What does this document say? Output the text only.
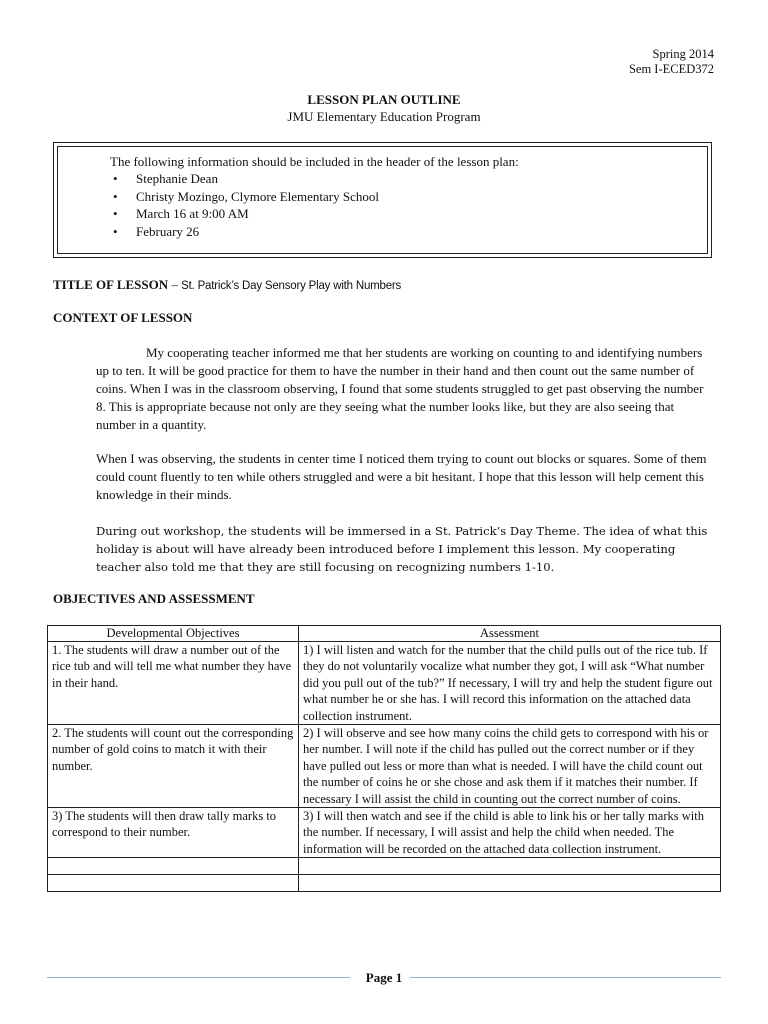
Spring 2014
Sem I-ECED372
LESSON PLAN OUTLINE
JMU Elementary Education Program
The following information should be included in the header of the lesson plan:
• Stephanie Dean
• Christy Mozingo, Clymore Elementary School
• March 16 at 9:00 AM
• February 26
TITLE OF LESSON – St. Patrick’s Day Sensory Play with Numbers
CONTEXT OF LESSON
My cooperating teacher informed me that her students are working on counting to and identifying numbers up to ten. It will be good practice for them to have the number in their hand and then count out the same number of coins. When I was in the classroom observing, I found that some students struggled to get past observing the number 8. This is appropriate because not only are they seeing what the number looks like, but they are also seeing that number in a quantity.
When I was observing, the students in center time I noticed them trying to count out blocks or squares. Some of them could count fluently to ten while others struggled and were a bit hesitant. I hope that this lesson will help cement this knowledge in their minds.
During out workshop, the students will be immersed in a St. Patrick’s Day Theme. The idea of what this holiday is about will have already been introduced before I implement this lesson. My cooperating teacher also told me that they are still focusing on recognizing numbers 1-10.
OBJECTIVES AND ASSESSMENT
Developmental Objectives	Assessment
1. The students will draw a number out of the rice tub and will tell me what number they have in their hand.	1) I will listen and watch for the number that the child pulls out of the rice tub. If they do not voluntarily vocalize what number they got, I will ask “What number did you pull out of the tub?” If necessary, I will try and help the student figure out what number he or she has. I will record this information on the attached data collection instrument.
2. The students will count out the corresponding number of gold coins to match it with their number.	2) I will observe and see how many coins the child gets to correspond with his or her number. I will note if the child has pulled out the correct number or if they have pulled out less or more than what is needed. I will have the child count out the number of coins he or she chose and ask them if it matches their number. If necessary I will assist the child in counting out the correct number of coins.
3) The students will then draw tally marks to correspond to their number.	3) I will then watch and see if the child is able to link his or her tally marks with the number. If necessary, I will assist and help the child when needed. The information will be recorded on the attached data collection instrument.

Page 1
